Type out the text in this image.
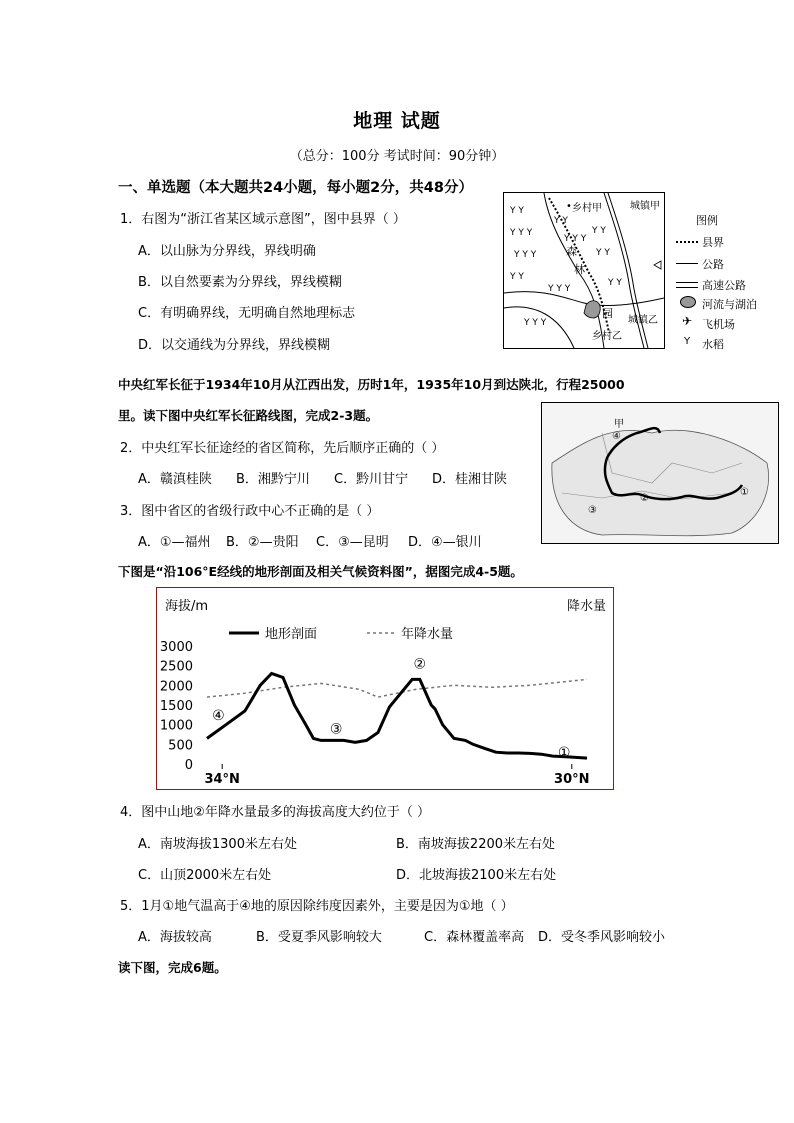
地理 试题
（总分：100分 考试时间：90分钟）
一、单选题（本大题共24小题，每小题2分，共48分）
1．右图为“浙江省某区域示意图”，图中县界（ ）
A．以山脉为分界线，界线明确
B．以自然要素为分界线，界线模糊
C．有明确界线，无明确自然地理标志
D．以交通线为分界线，界线模糊
• 乡村甲	城镇甲
森
林
园
城镇乙
乡村乙
Y Y
Y Y Y
Y Y Y
Y Y
Y Y
Y Y Y
Y Y Y
Y Y
Y Y
Y Y Y
Y Y
图例
县界
公路
高速公路
河流与湖泊
✈ 飞机场
Y 水稻
中央红军长征于1934年10月从江西出发，历时1年，1935年10月到达陕北，行程25000
里。读下图中央红军长征路线图，完成2-3题。
甲
④
②
③
①
2．中央红军长征途经的省区简称，先后顺序正确的（ ）
A．赣滇桂陕 B．湘黔宁川 C．黔川甘宁 D．桂湘甘陕
3．图中省区的省级行政中心不正确的是（ ）
A．①—福州 B．②—贵阳 C．③—昆明 D．④—银川
下图是“沿106°E经线的地形剖面及相关气候资料图”，据图完成4-5题。
海拔/m	降水量
地形剖面	年降水量
3000
2500
2000
1500
1000
500
0
34°N	30°N
①
②
③
④
4．图中山地②年降水量最多的海拔高度大约位于（ ）
A．南坡海拔1300米左右处	B．南坡海拔2200米左右处
C．山顶2000米左右处	D．北坡海拔2100米左右处
5．1月①地气温高于④地的原因除纬度因素外，主要是因为①地（ ）
A．海拔较高	B．受夏季风影响较大	C．森林覆盖率高 D．受冬季风影响较小
读下图，完成6题。
